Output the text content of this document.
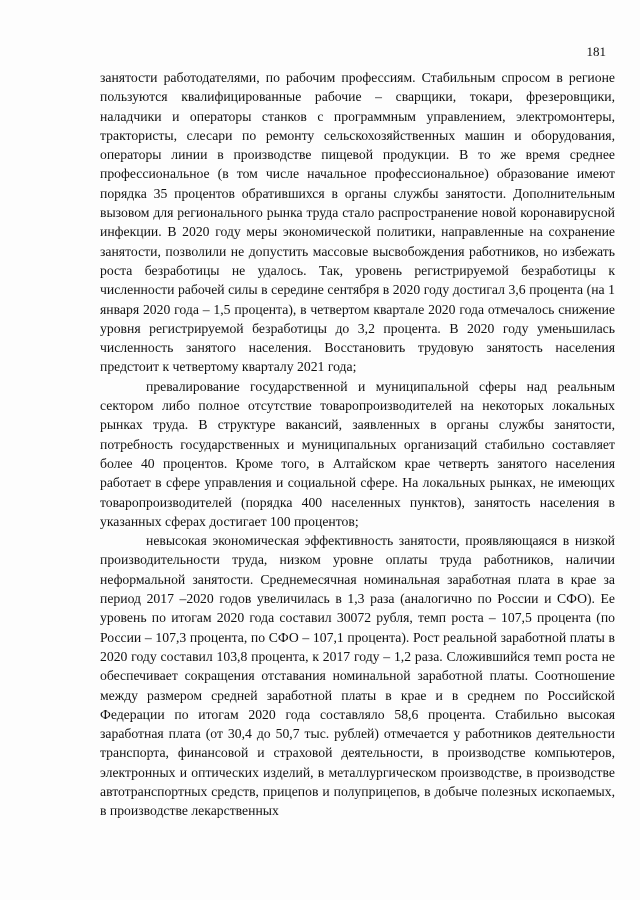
181

занятости работодателями, по рабочим профессиям. Стабильным спросом в регионе пользуются квалифицированные рабочие – сварщики, токари, фрезеровщики, наладчики и операторы станков с программным управлением, электромонтеры, трактористы, слесари по ремонту сельскохозяйственных машин и оборудования, операторы линии в производстве пищевой продукции. В то же время среднее профессиональное (в том числе начальное профессиональное) образование имеют порядка 35 процентов обратившихся в органы службы занятости. Дополнительным вызовом для регионального рынка труда стало распространение новой коронавирусной инфекции. В 2020 году меры экономической политики, направленные на сохранение занятости, позволили не допустить массовые высвобождения работников, но избежать роста безработицы не удалось. Так, уровень регистрируемой безработицы к численности рабочей силы в середине сентября в 2020 году достигал 3,6 процента (на 1 января 2020 года – 1,5 процента), в четвертом квартале 2020 года отмечалось снижение уровня регистрируемой безработицы до 3,2 процента. В 2020 году уменьшилась численность занятого населения. Восстановить трудовую занятость населения предстоит к четвертому кварталу 2021 года;

превалирование государственной и муниципальной сферы над реальным сектором либо полное отсутствие товаропроизводителей на некоторых локальных рынках труда. В структуре вакансий, заявленных в органы службы занятости, потребность государственных и муниципальных организаций стабильно составляет более 40 процентов. Кроме того, в Алтайском крае четверть занятого населения работает в сфере управления и социальной сфере. На локальных рынках, не имеющих товаропроизводителей (порядка 400 населенных пунктов), занятость населения в указанных сферах достигает 100 процентов;

невысокая экономическая эффективность занятости, проявляющаяся в низкой производительности труда, низком уровне оплаты труда работников, наличии неформальной занятости. Среднемесячная номинальная заработная плата в крае за период 2017 –2020 годов увеличилась в 1,3 раза (аналогично по России и СФО). Ее уровень по итогам 2020 года составил 30072 рубля, темп роста – 107,5 процента (по России – 107,3 процента, по СФО – 107,1 процента). Рост реальной заработной платы в 2020 году составил 103,8 процента, к 2017 году – 1,2 раза. Сложившийся темп роста не обеспечивает сокращения отставания номинальной заработной платы. Соотношение между размером средней заработной платы в крае и в среднем по Российской Федерации по итогам 2020 года составляло 58,6 процента. Стабильно высокая заработная плата (от 30,4 до 50,7 тыс. рублей) отмечается у работников деятельности транспорта, финансовой и страховой деятельности, в производстве компьютеров, электронных и оптических изделий, в металлургическом производстве, в производстве автотранспортных средств, прицепов и полуприцепов, в добыче полезных ископаемых, в производстве лекарственных
